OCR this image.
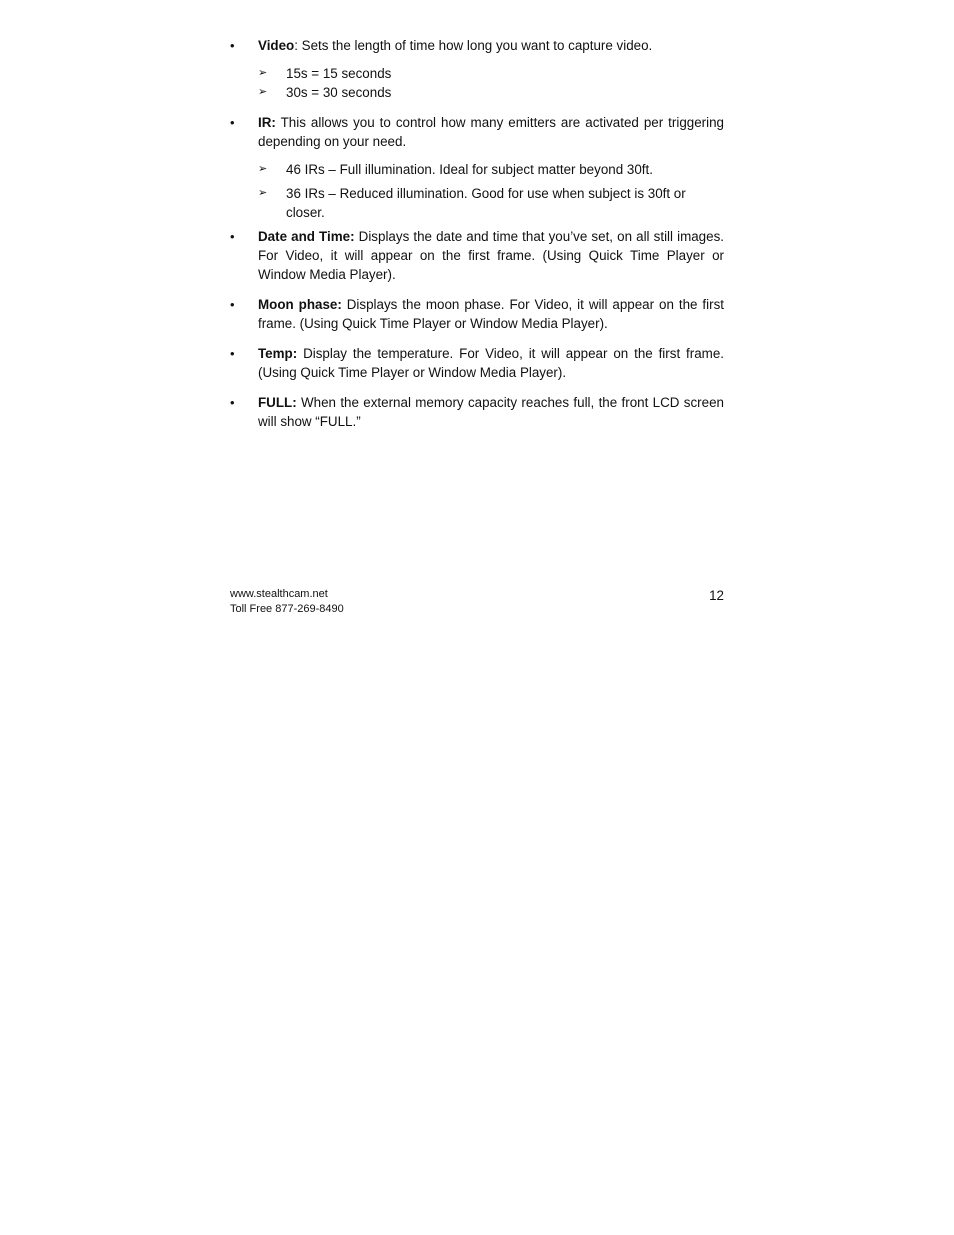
•	Video: Sets the length of time how long you want to capture video.
➢ 15s = 15 seconds
➢ 30s = 30 seconds
•	IR: This allows you to control how many emitters are activated per triggering depending on your need.
➢ 46 IRs – Full illumination. Ideal for subject matter beyond 30ft.
➢ 36 IRs – Reduced illumination. Good for use when subject is 30ft or closer.
•	Date and Time: Displays the date and time that you’ve set, on all still images. For Video, it will appear on the first frame. (Using Quick Time Player or Window Media Player).
•	Moon phase: Displays the moon phase. For Video, it will appear on the first frame. (Using Quick Time Player or Window Media Player).
•	Temp: Display the temperature. For Video, it will appear on the first frame. (Using Quick Time Player or Window Media Player).
•	FULL: When the external memory capacity reaches full, the front LCD screen will show “FULL.”
www.stealthcam.net
Toll Free 877-269-8490
12
